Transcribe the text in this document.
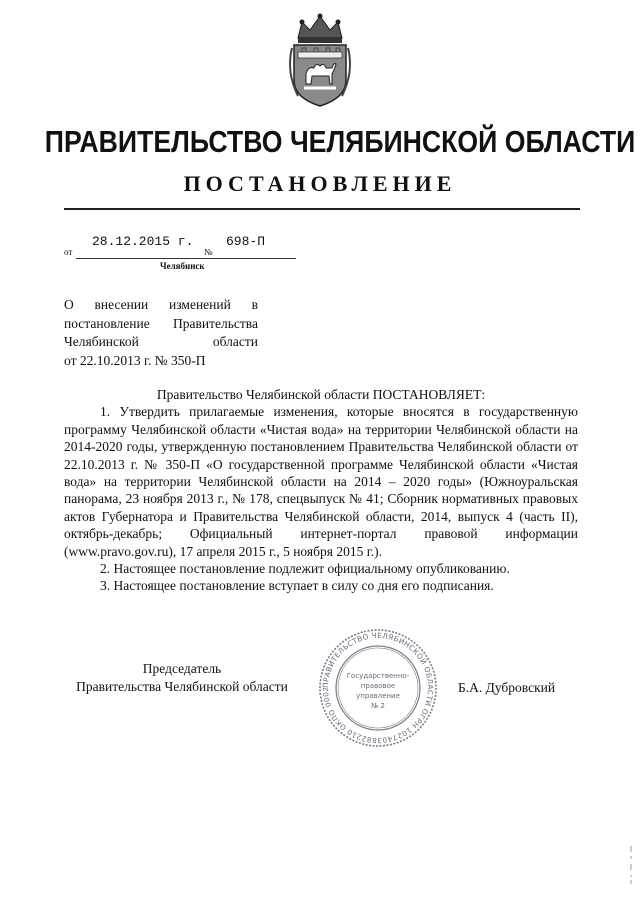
ПРАВИТЕЛЬСТВО ЧЕЛЯБИНСКОЙ ОБЛАСТИ
ПОСТАНОВЛЕНИЕ
от
28.12.2015 г.
№
698-П
Челябинск
О внесении изменений в
постановление Правительства
Челябинской области
от 22.10.2013 г. № 350-П

Правительство Челябинской области ПОСТАНОВЛЯЕТ:

1. Утвердить прилагаемые изменения, которые вносятся в государственную программу Челябинской области «Чистая вода» на территории Челябинской области на 2014-2020 годы, утвержденную постановлением Правительства Челябинской области от 22.10.2013 г. № 350-П «О государственной программе Челябинской области «Чистая вода» на территории Челябинской области на 2014 – 2020 годы» (Южноуральская панорама, 23 ноября 2013 г., № 178, спецвыпуск № 41; Сборник нормативных правовых актов Губернатора и Правительства Челябинской области, 2014, выпуск 4 (часть II), октябрь-декабрь; Официальный интернет-портал правовой информации (www.pravo.gov.ru), 17 апреля 2015 г., 5 ноября 2015 г.).

2. Настоящее постановление подлежит официальному опубликованию.

3. Настоящее постановление вступает в силу со дня его подписания.

Председатель
Правительства Челябинской области	Б.А. Дубровский
ПРАВИТЕЛЬСТВО ЧЕЛЯБИНСКОЙ ОБЛАСТИ ОГРН 1027403882210 ОКПО 0002
Государственно-
правовое
управление
№ 2
